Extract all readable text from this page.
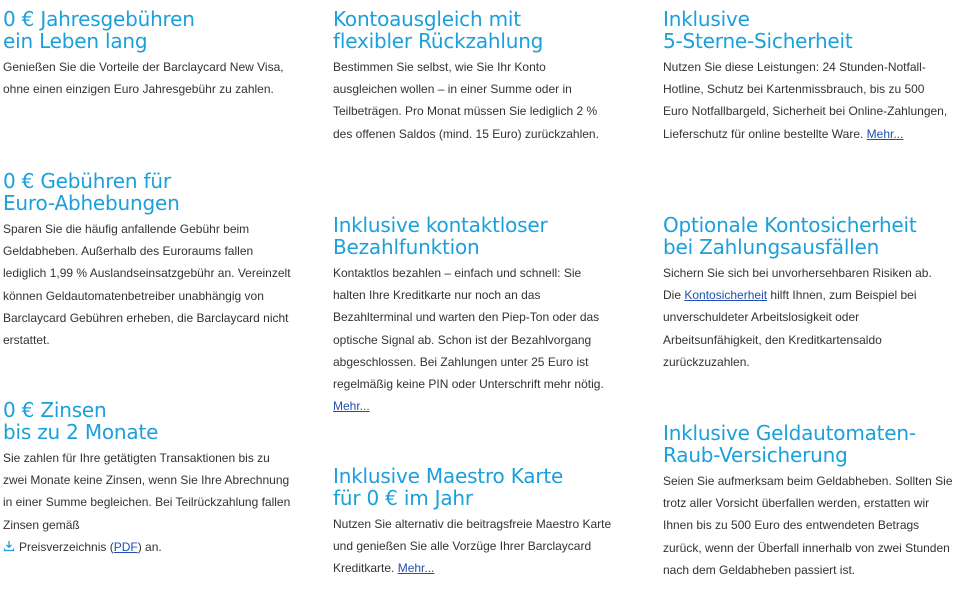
0 € Jahresgebühren
ein Leben lang

Genießen Sie die Vorteile der Barclaycard New Visa, ohne einen einzigen Euro Jahresgebühr zu zahlen.

0 € Gebühren für
Euro-Abhebungen

Sparen Sie die häufig anfallende Gebühr beim Geldabheben. Außerhalb des Euroraums fallen lediglich 1,99 % Auslandseinsatzgebühr an. Vereinzelt können Geldautomatenbetreiber unabhängig von Barclaycard Gebühren erheben, die Barclaycard nicht erstattet.

0 € Zinsen
bis zu 2 Monate

Sie zahlen für Ihre getätigten Transaktionen bis zu zwei Monate keine Zinsen, wenn Sie Ihre Abrechnung in einer Summe begleichen. Bei Teilrückzahlung fallen Zinsen gemäß

Preisverzeichnis (PDF) an.

Kontoausgleich mit
flexibler Rückzahlung

Bestimmen Sie selbst, wie Sie Ihr Konto ausgleichen wollen – in einer Summe oder in Teilbeträgen. Pro Monat müssen Sie lediglich 2 % des offenen Saldos (mind. 15 Euro) zurückzahlen.

Inklusive kontaktloser
Bezahlfunktion

Kontaktlos bezahlen – einfach und schnell: Sie halten Ihre Kreditkarte nur noch an das Bezahlterminal und warten den Piep-Ton oder das optische Signal ab. Schon ist der Bezahlvorgang abgeschlossen. Bei Zahlungen unter 25 Euro ist regelmäßig keine PIN oder Unterschrift mehr nötig. Mehr...

Inklusive Maestro Karte
für 0 € im Jahr

Nutzen Sie alternativ die beitragsfreie Maestro Karte und genießen Sie alle Vorzüge Ihrer Barclaycard Kreditkarte. Mehr...

Inklusive
5-Sterne-Sicherheit

Nutzen Sie diese Leistungen: 24 Stunden-Notfall-Hotline, Schutz bei Kartenmissbrauch, bis zu 500 Euro Notfallbargeld, Sicherheit bei Online-Zahlungen, Lieferschutz für online bestellte Ware. Mehr...

Optionale Kontosicherheit
bei Zahlungsausfällen

Sichern Sie sich bei unvorhersehbaren Risiken ab. Die Kontosicherheit hilft Ihnen, zum Beispiel bei unverschuldeter Arbeitslosigkeit oder Arbeitsunfähigkeit, den Kreditkartensaldo zurückzuzahlen.

Inklusive Geldautomaten-
Raub-Versicherung

Seien Sie aufmerksam beim Geldabheben. Sollten Sie trotz aller Vorsicht überfallen werden, erstatten wir Ihnen bis zu 500 Euro des entwendeten Betrags zurück, wenn der Überfall innerhalb von zwei Stunden nach dem Geldabheben passiert ist.
